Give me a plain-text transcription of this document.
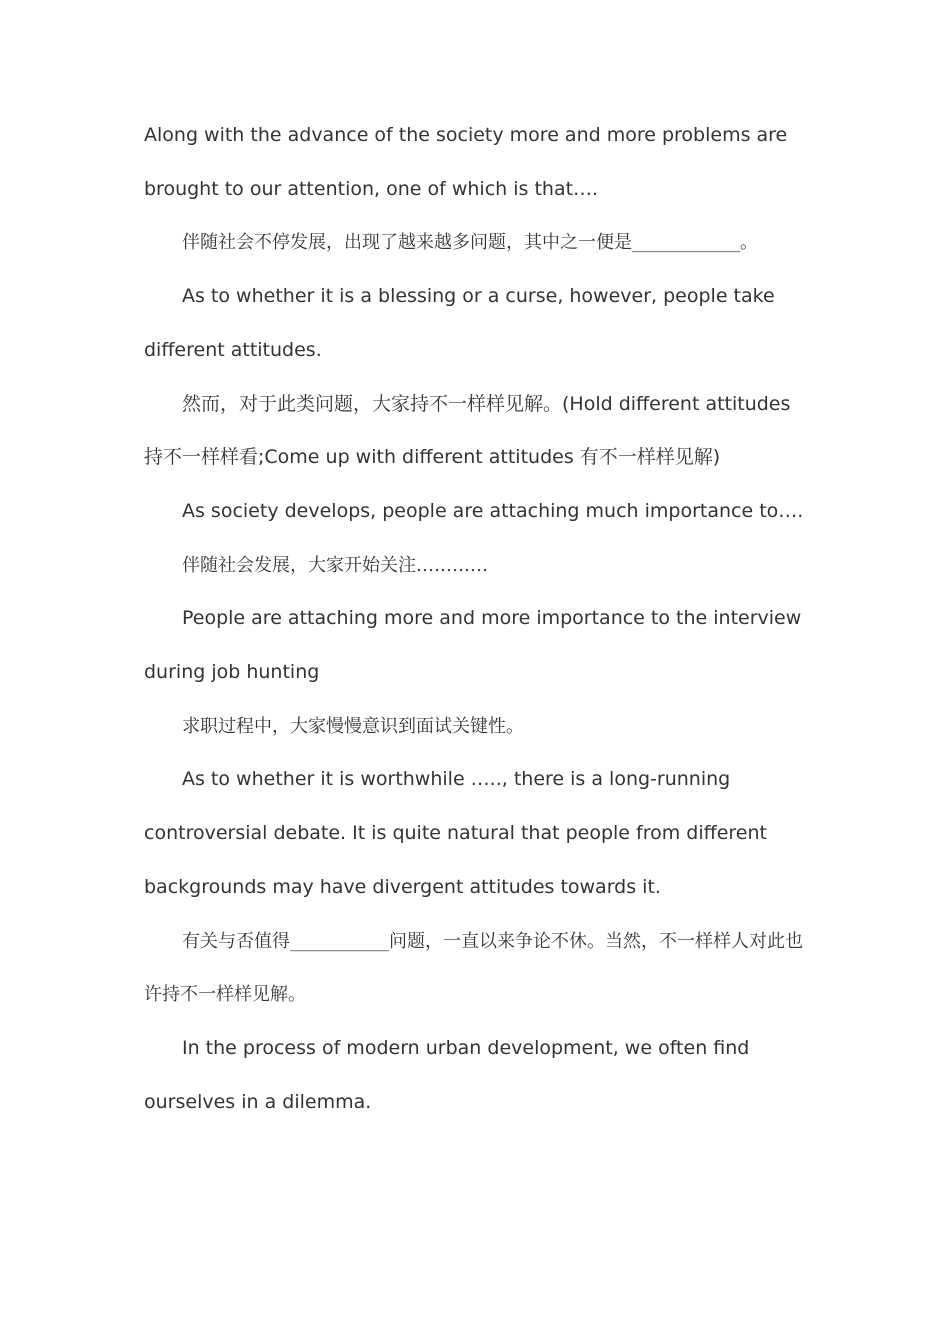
Along with the advance of the society more and more problems are brought to our attention, one of which is that….

伴随社会不停发展，出现了越来越多问题，其中之一便是____________。

As to whether it is a blessing or a curse, however, people take different attitudes.

然而，对于此类问题，大家持不一样样见解。(Hold different attitudes 持不一样样看;Come up with different attitudes 有不一样样见解)

As society develops, people are attaching much importance to….

伴随社会发展，大家开始关注…………

People are attaching more and more importance to the interview during job hunting

求职过程中，大家慢慢意识到面试关键性。

As to whether it is worthwhile ….., there is a long-running controversial debate. It is quite natural that people from different backgrounds may have divergent attitudes towards it.

有关与否值得___________问题，一直以来争论不休。当然，不一样样人对此也许持不一样样见解。

In the process of modern urban development, we often find ourselves in a dilemma.
